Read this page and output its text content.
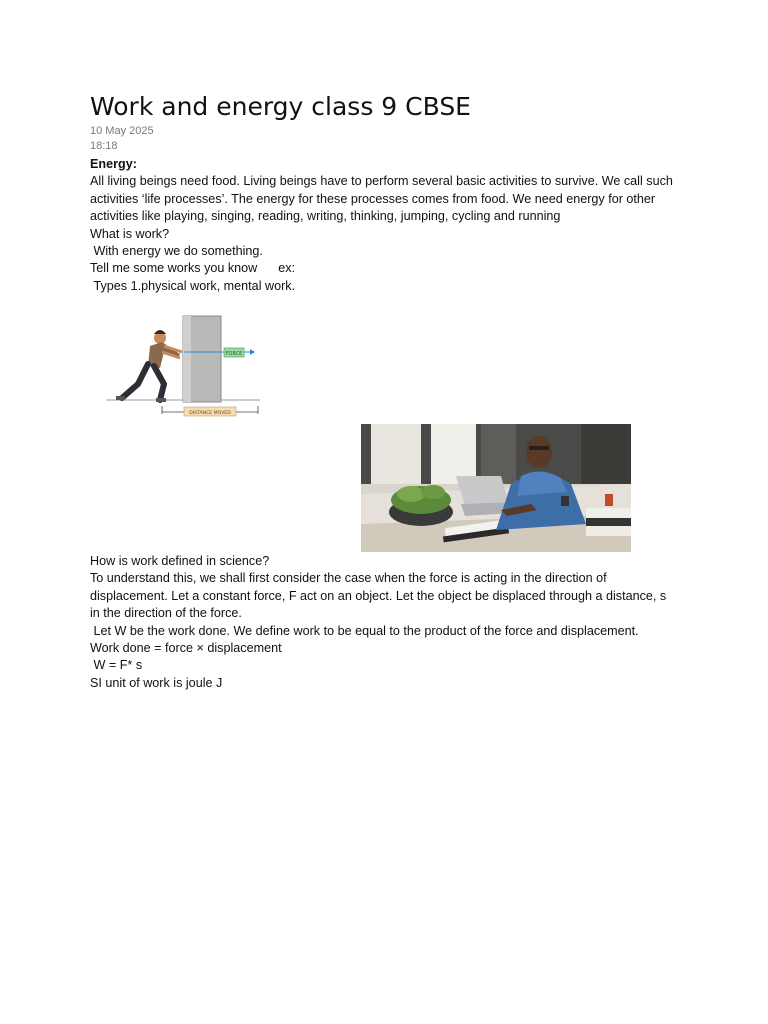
Work and energy class 9 CBSE
10 May 2025
18:18

Energy:

All living beings need food. Living beings have to perform several basic activities to survive. We call such

activities ‘life processes’. The energy for these processes comes from food. We need energy for other

activities like playing, singing, reading, writing, thinking, jumping, cycling and running

What is work?

With energy we do something.

Tell me some works you know      ex:

Types 1.physical work, mental work.

FORCE
DISTANCE MOVED

How is work defined in science?

To understand this, we shall first consider the case when the force is acting in the direction of

displacement. Let a constant force, F act on an object. Let the object be displaced through a distance, s

in the direction of the force.

Let W be the work done. We define work to be equal to the product of the force and displacement.

Work done = force × displacement

W = F* s

SI unit of work is joule J
